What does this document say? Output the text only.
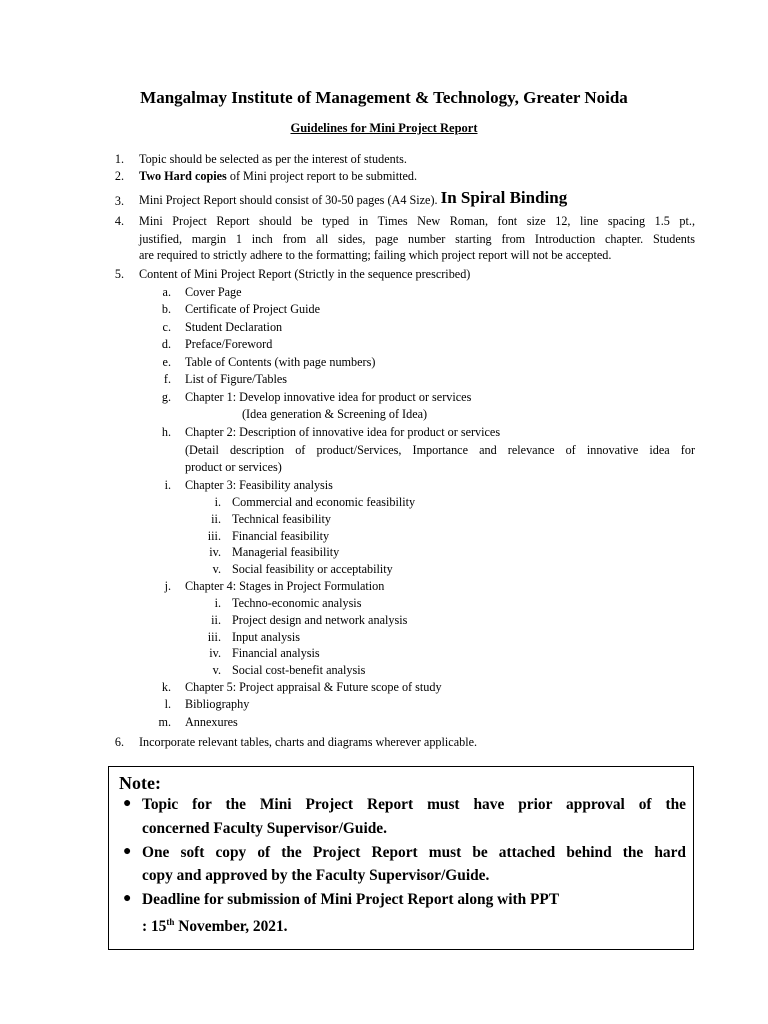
Mangalmay Institute of Management & Technology, Greater Noida
Guidelines for Mini Project Report
1. Topic should be selected as per the interest of students.
2. Two Hard copies of Mini project report to be submitted.
3. Mini Project Report should consist of 30-50 pages (A4 Size). In Spiral Binding
4. Mini Project Report should be typed in Times New Roman, font size 12, line spacing 1.5 pt.,
justified, margin 1 inch from all sides, page number starting from Introduction chapter. Students
are required to strictly adhere to the formatting; failing which project report will not be accepted.
5. Content of Mini Project Report (Strictly in the sequence prescribed)
a. Cover Page
b. Certificate of Project Guide
c. Student Declaration
d. Preface/Foreword
e. Table of Contents (with page numbers)
f. List of Figure/Tables
g. Chapter 1: Develop innovative idea for product or services
(Idea generation & Screening of Idea)
h. Chapter 2: Description of innovative idea for product or services
(Detail description of product/Services, Importance and relevance of innovative idea for
product or services)
i. Chapter 3: Feasibility analysis
i. Commercial and economic feasibility
ii. Technical feasibility
iii. Financial feasibility
iv. Managerial feasibility
v. Social feasibility or acceptability
j. Chapter 4: Stages in Project Formulation
i. Techno-economic analysis
ii. Project design and network analysis
iii. Input analysis
iv. Financial analysis
v. Social cost-benefit analysis
k. Chapter 5: Project appraisal & Future scope of study
l. Bibliography
m. Annexures
6. Incorporate relevant tables, charts and diagrams wherever applicable.
Note:
● Topic for the Mini Project Report must have prior approval of the
concerned Faculty Supervisor/Guide.
● One soft copy of the Project Report must be attached behind the hard
copy and approved by the Faculty Supervisor/Guide.
● Deadline for submission of Mini Project Report along with PPT
: 15th November, 2021.
